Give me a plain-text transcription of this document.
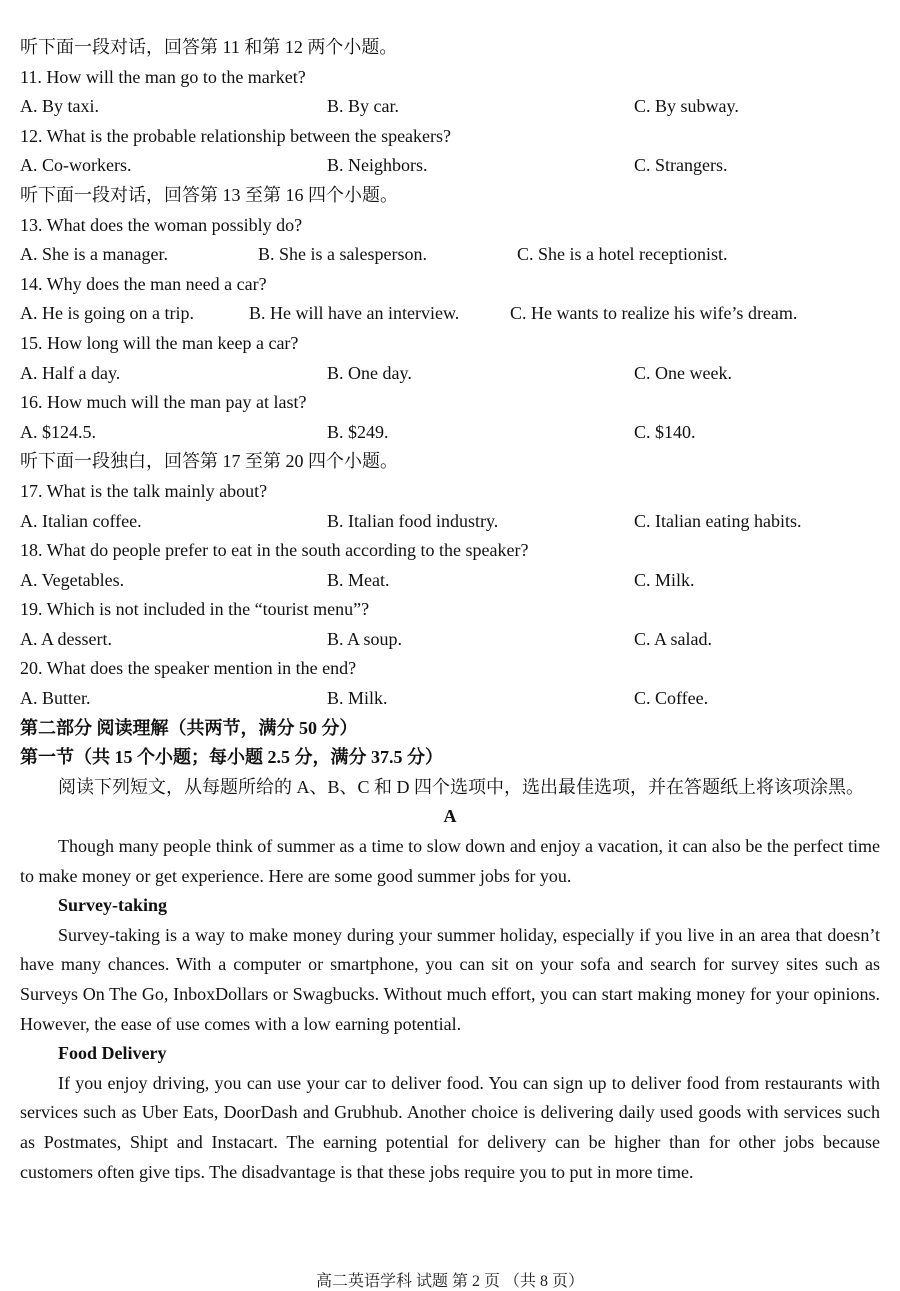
听下面一段对话，回答第 11 和第 12 两个小题。
11. How will the man go to the market?
A. By taxi.	B. By car.	C. By subway.
12. What is the probable relationship between the speakers?
A. Co-workers.	B. Neighbors.	C. Strangers.
听下面一段对话，回答第 13 至第 16 四个小题。
13. What does the woman possibly do?
A. She is a manager.	B. She is a salesperson.	C. She is a hotel receptionist.
14. Why does the man need a car?
A. He is going on a trip.	B. He will have an interview.	C. He wants to realize his wife’s dream.
15. How long will the man keep a car?
A. Half a day.	B. One day.	C. One week.
16. How much will the man pay at last?
A. $124.5.	B. $249.	C. $140.
听下面一段独白，回答第 17 至第 20 四个小题。
17. What is the talk mainly about?
A. Italian coffee.	B. Italian food industry.	C. Italian eating habits.
18. What do people prefer to eat in the south according to the speaker?
A. Vegetables.	B. Meat.	C. Milk.
19. Which is not included in the “tourist menu”?
A. A dessert.	B. A soup.	C. A salad.
20. What does the speaker mention in the end?
A. Butter.	B. Milk.	C. Coffee.
第二部分 阅读理解（共两节，满分 50 分）
第一节（共 15 个小题；每小题 2.5 分，满分 37.5 分）
阅读下列短文，从每题所给的 A、B、C 和 D 四个选项中，选出最佳选项，并在答题纸上将该项涂黑。
A
Though many people think of summer as a time to slow down and enjoy a vacation, it can also be the perfect time to make money or get experience. Here are some good summer jobs for you.
Survey-taking
Survey-taking is a way to make money during your summer holiday, especially if you live in an area that doesn’t have many chances. With a computer or smartphone, you can sit on your sofa and search for survey sites such as Surveys On The Go, InboxDollars or Swagbucks. Without much effort, you can start making money for your opinions. However, the ease of use comes with a low earning potential.
Food Delivery
If you enjoy driving, you can use your car to deliver food. You can sign up to deliver food from restaurants with services such as Uber Eats, DoorDash and Grubhub. Another choice is delivering daily used goods with services such as Postmates, Shipt and Instacart. The earning potential for delivery can be higher than for other jobs because customers often give tips. The disadvantage is that these jobs require you to put in more time.
高二英语学科 试题 第 2 页 （共 8 页）
